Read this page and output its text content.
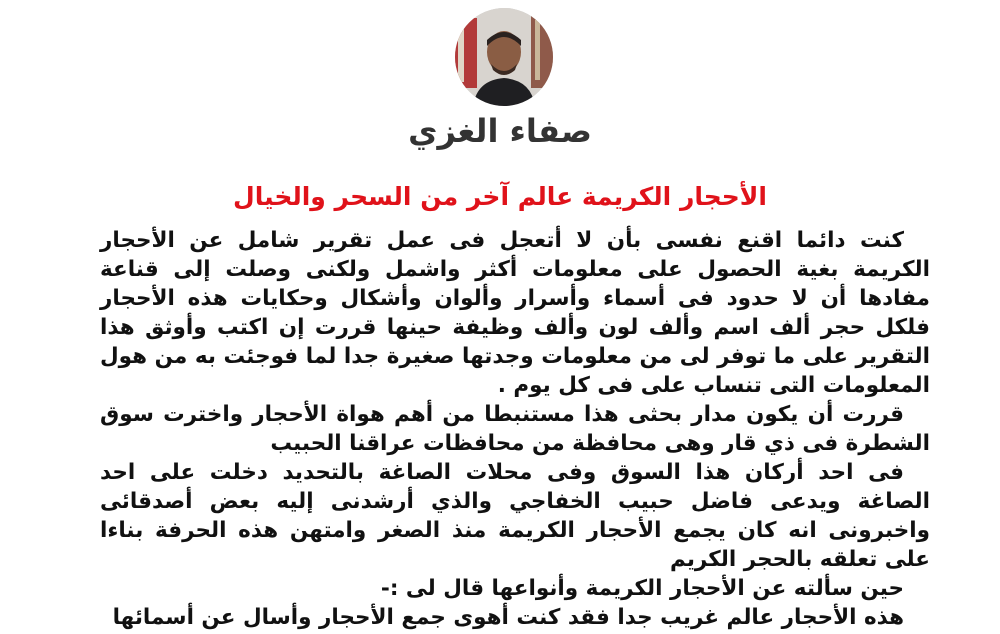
صفاء الغزي
الأحجار الكريمة عالم آخر من السحر والخيال

كنت دائما اقنع نفسى بأن لا أتعجل فى عمل تقرير شامل عن الأحجار الكريمة بغية الحصول على معلومات أكثر واشمل ولكنى وصلت إلى قناعة مفادها أن لا حدود فى أسماء وأسرار وألوان وأشكال وحكايات هذه الأحجار فلكل حجر ألف اسم وألف لون وألف وظيفة حينها قررت إن اكتب وأوثق هذا التقرير على ما توفر لى من معلومات وجدتها صغيرة جدا لما فوجئت به من هول المعلومات التى تنساب على فى كل يوم .

قررت أن يكون مدار بحثى هذا مستنبطا من أهم هواة الأحجار واخترت سوق الشطرة فى ذي قار وهى محافظة من محافظات عراقنا الحبيب

فى احد أركان هذا السوق وفى محلات الصاغة بالتحديد دخلت على احد الصاغة ويدعى فاضل حبيب الخفاجي والذي أرشدنى إليه بعض أصدقائى واخبرونى انه كان يجمع الأحجار الكريمة منذ الصغر وامتهن هذه الحرفة بناءا على تعلقه بالحجر الكريم

حين سألته عن الأحجار الكريمة وأنواعها قال لى :-

هذه الأحجار عالم غريب جدا فقد كنت أهوى جمع الأحجار وأسال عن أسمائها
